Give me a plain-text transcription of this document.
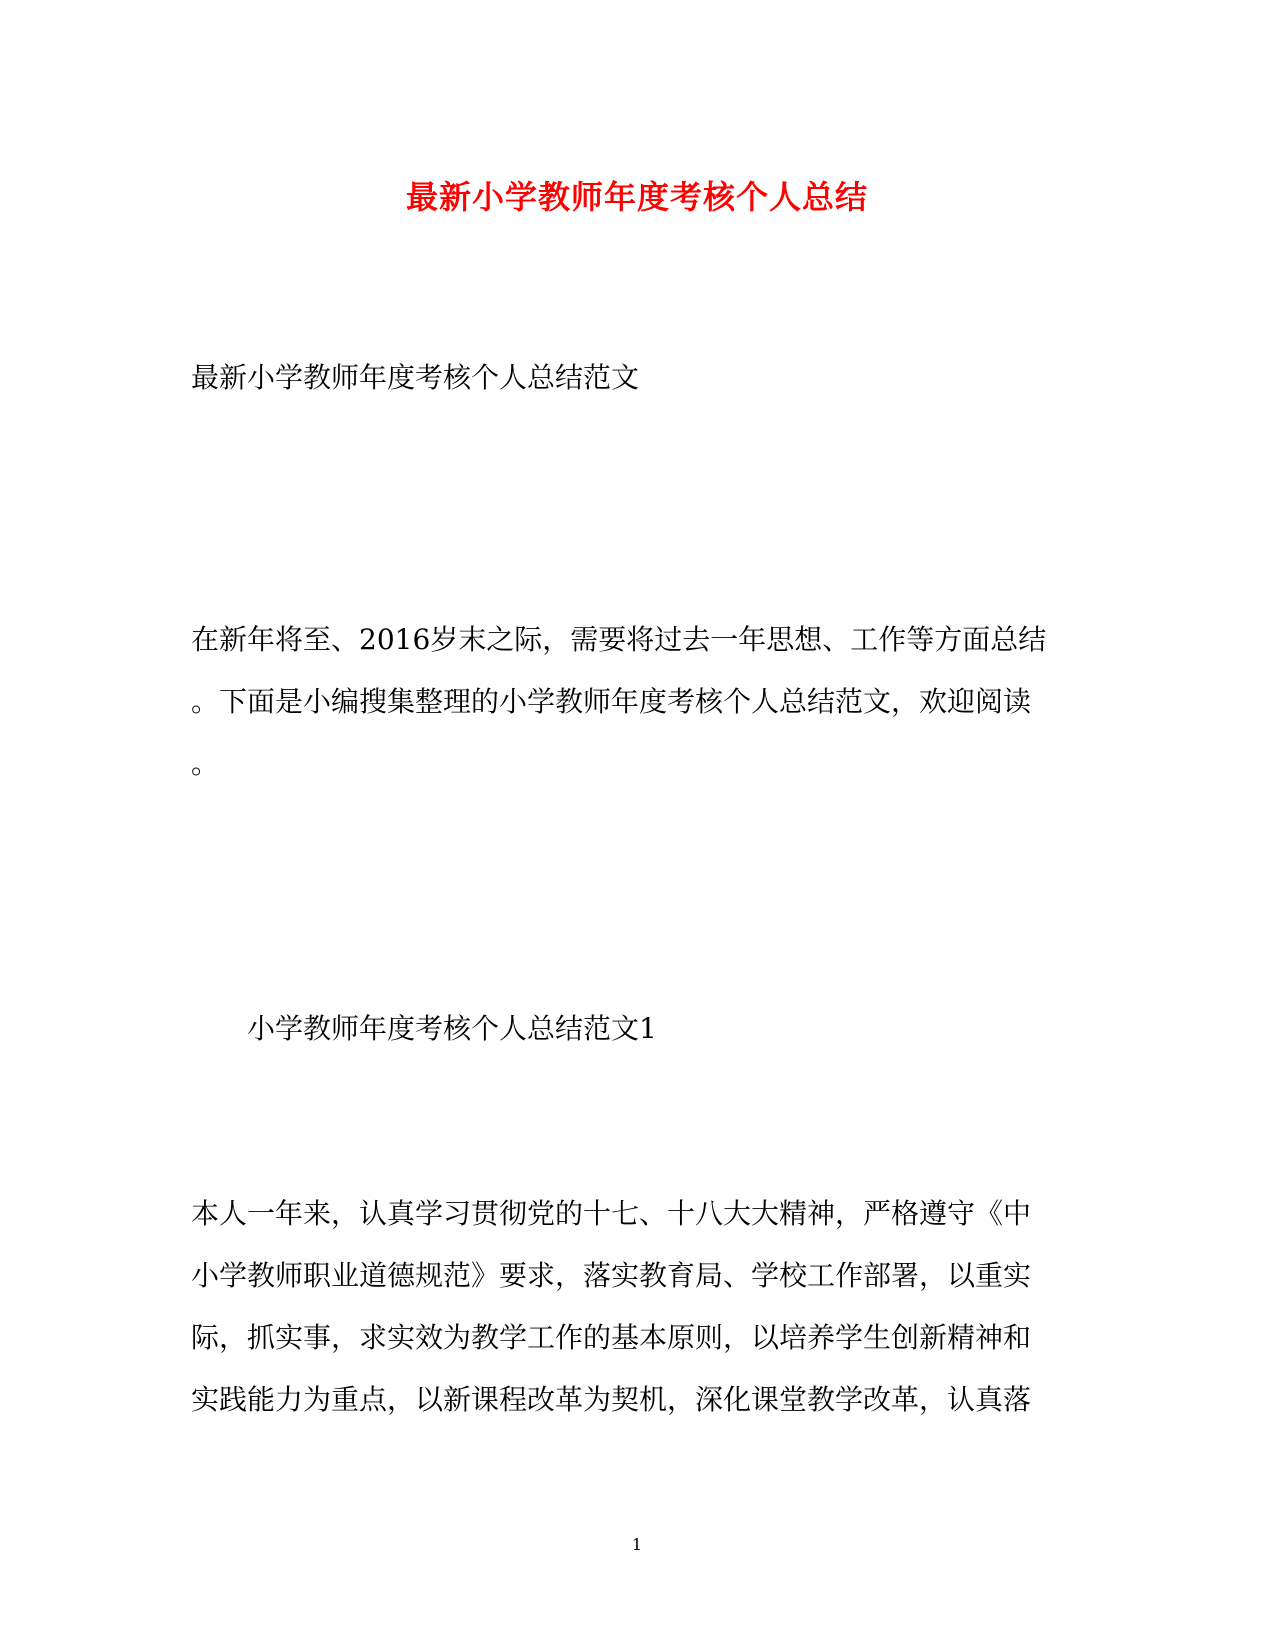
最新小学教师年度考核个人总结

最新小学教师年度考核个人总结范文

在新年将至、2016岁末之际，需要将过去一年思想、工作等方面总结
。下面是小编搜集整理的小学教师年度考核个人总结范文，欢迎阅读
。

小学教师年度考核个人总结范文1

本人一年来，认真学习贯彻党的十七、十八大大精神，严格遵守《中
小学教师职业道德规范》要求，落实教育局、学校工作部署，以重实
际，抓实事，求实效为教学工作的基本原则，以培养学生创新精神和
实践能力为重点，以新课程改革为契机，深化课堂教学改革，认真落

1
